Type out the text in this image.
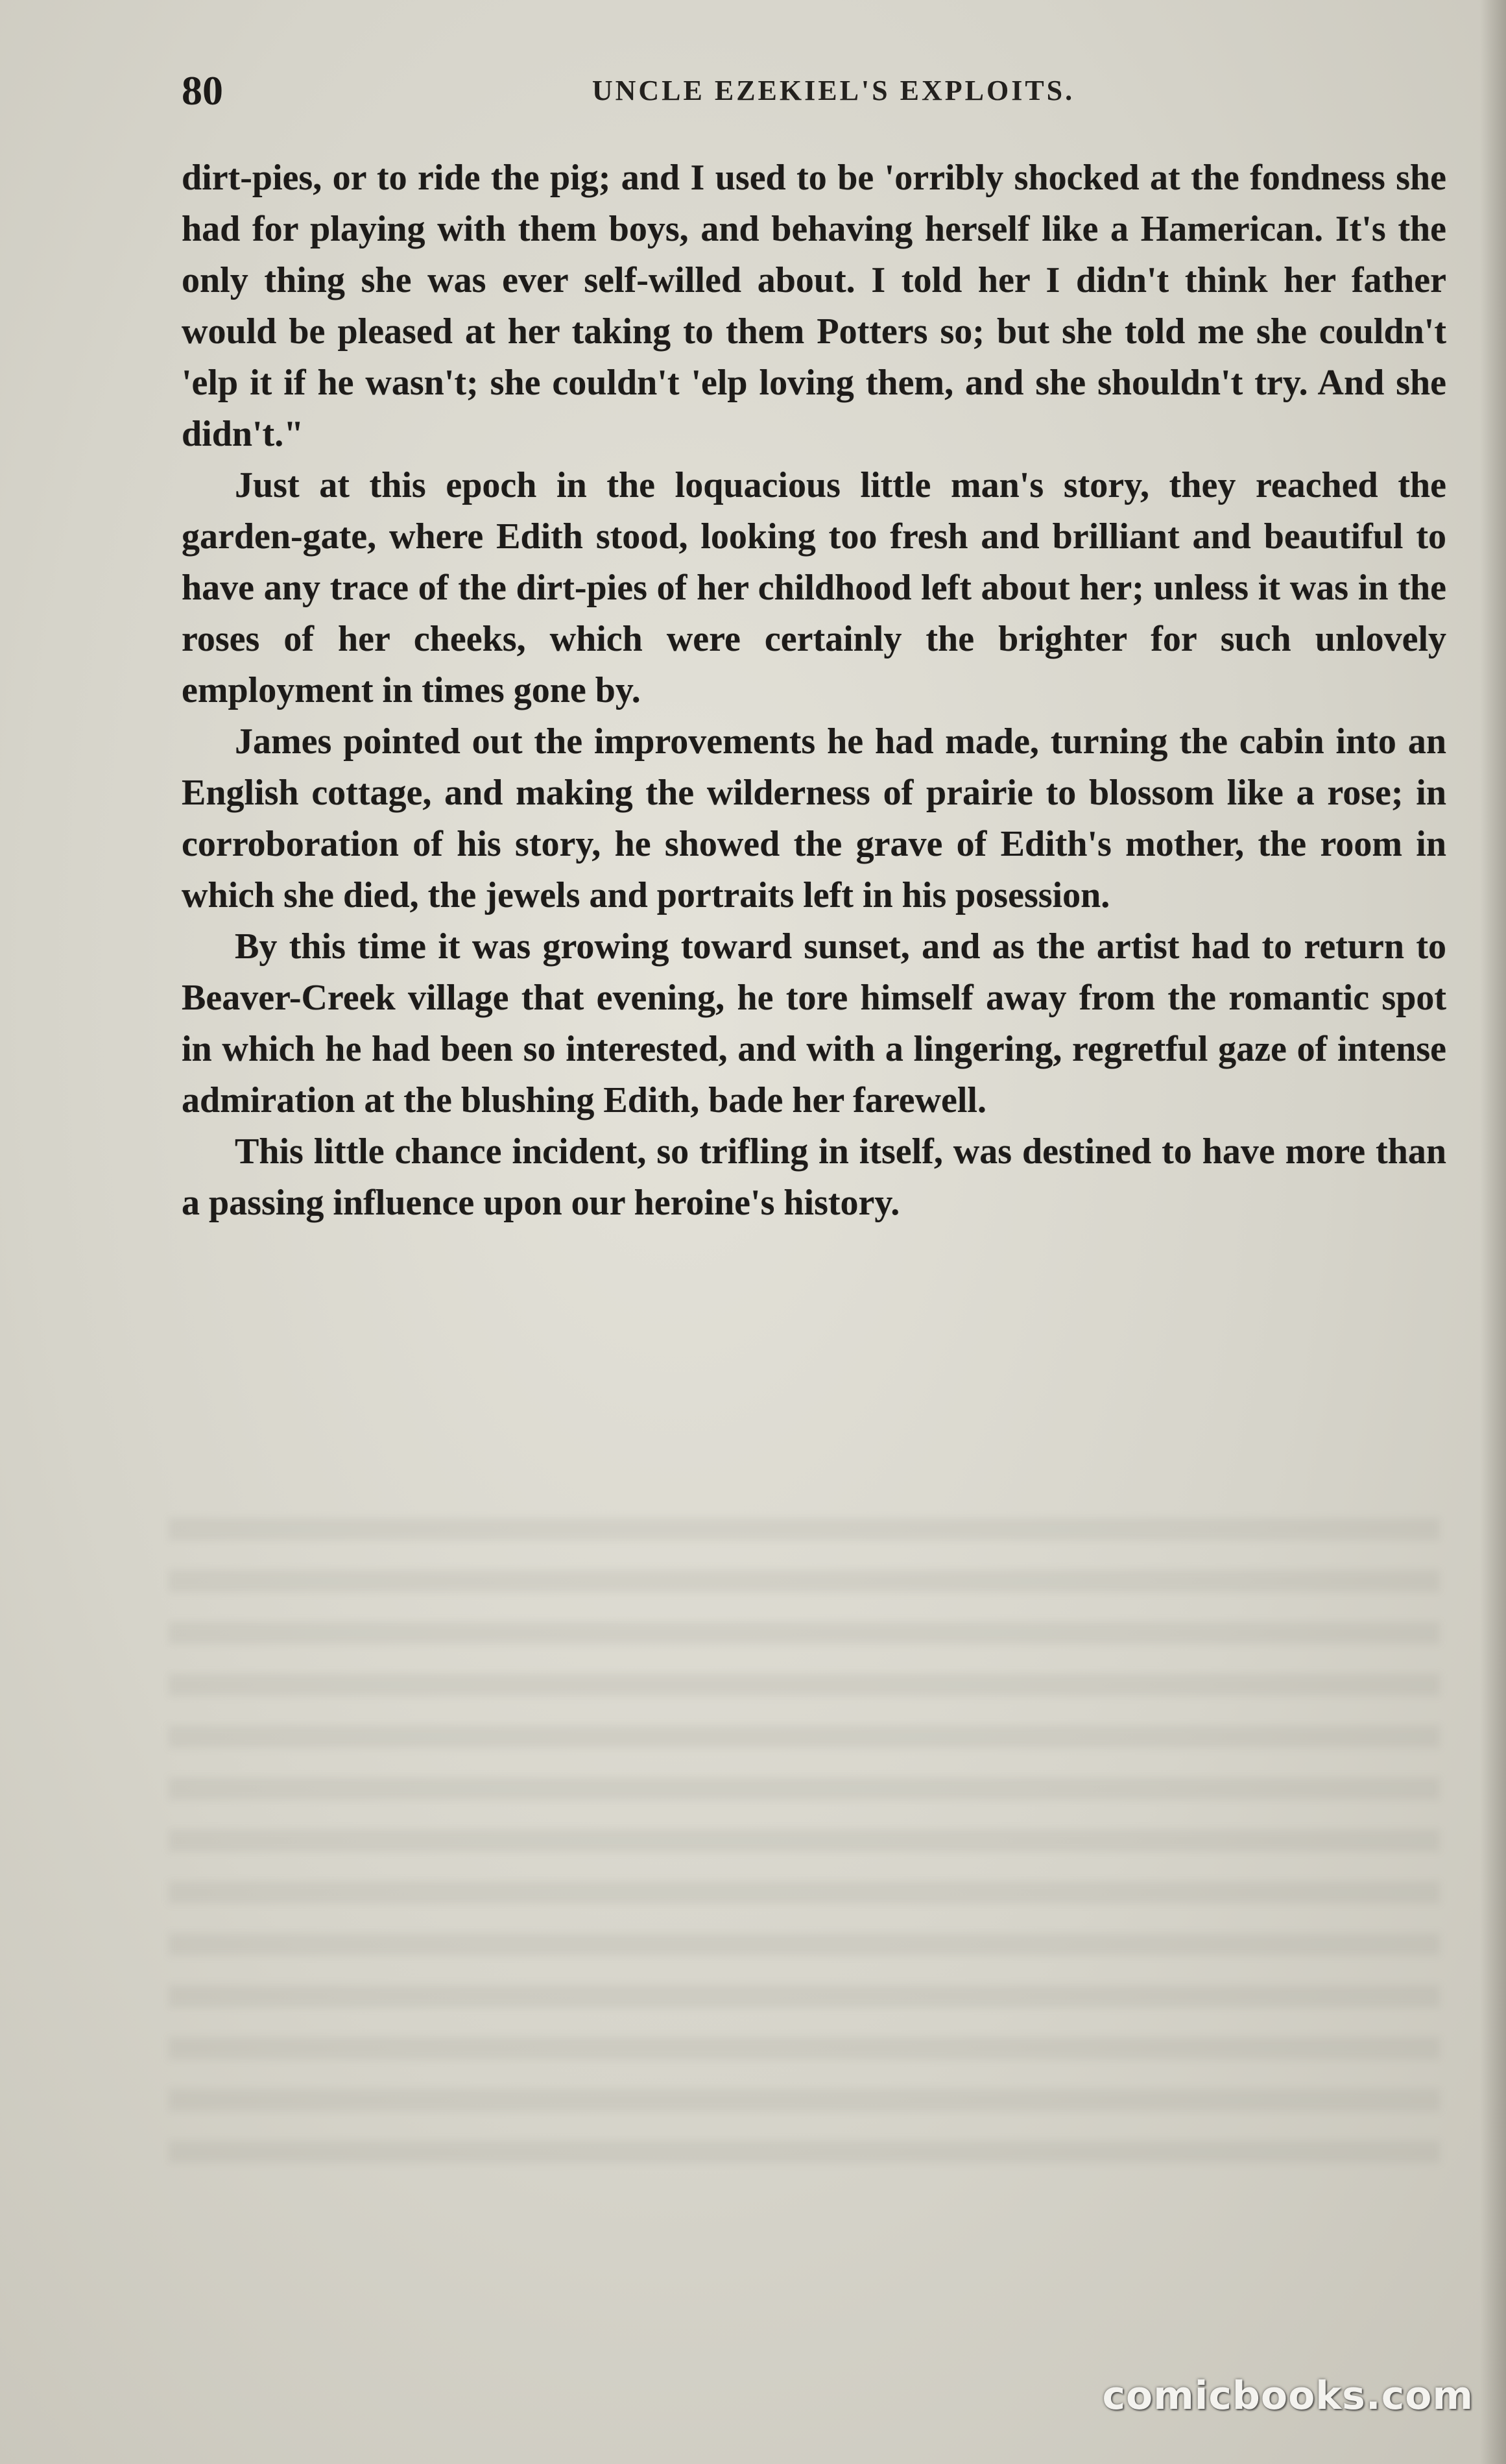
80	UNCLE EZEKIEL'S EXPLOITS.

dirt-pies, or to ride the pig; and I used to be 'orribly shocked at the fondness she had for playing with them boys, and behaving herself like a Hamerican. It's the only thing she was ever self-willed about. I told her I didn't think her father would be pleased at her taking to them Potters so; but she told me she couldn't 'elp it if he wasn't; she couldn't 'elp loving them, and she shouldn't try. And she didn't."

Just at this epoch in the loquacious little man's story, they reached the garden-gate, where Edith stood, looking too fresh and brilliant and beautiful to have any trace of the dirt-pies of her childhood left about her; unless it was in the roses of her cheeks, which were certainly the brighter for such unlovely employment in times gone by.

James pointed out the improvements he had made, turning the cabin into an English cottage, and making the wilderness of prairie to blossom like a rose; in corroboration of his story, he showed the grave of Edith's mother, the room in which she died, the jewels and portraits left in his posession.

By this time it was growing toward sunset, and as the artist had to return to Beaver-Creek village that evening, he tore himself away from the romantic spot in which he had been so interested, and with a lingering, regretful gaze of intense admiration at the blushing Edith, bade her farewell.

This little chance incident, so trifling in itself, was destined to have more than a passing influence upon our heroine's history.

comicbooks.com
